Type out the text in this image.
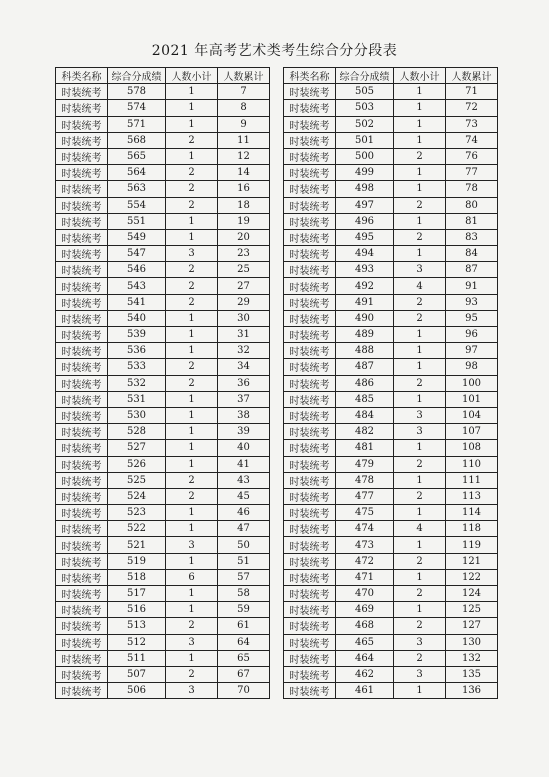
2021 年高考艺术类考生综合分分段表
科类名称	综合分成绩	人数小计	人数累计
时装统考	578	1	7
时装统考	574	1	8
时装统考	571	1	9
时装统考	568	2	11
时装统考	565	1	12
时装统考	564	2	14
时装统考	563	2	16
时装统考	554	2	18
时装统考	551	1	19
时装统考	549	1	20
时装统考	547	3	23
时装统考	546	2	25
时装统考	543	2	27
时装统考	541	2	29
时装统考	540	1	30
时装统考	539	1	31
时装统考	536	1	32
时装统考	533	2	34
时装统考	532	2	36
时装统考	531	1	37
时装统考	530	1	38
时装统考	528	1	39
时装统考	527	1	40
时装统考	526	1	41
时装统考	525	2	43
时装统考	524	2	45
时装统考	523	1	46
时装统考	522	1	47
时装统考	521	3	50
时装统考	519	1	51
时装统考	518	6	57
时装统考	517	1	58
时装统考	516	1	59
时装统考	513	2	61
时装统考	512	3	64
时装统考	511	1	65
时装统考	507	2	67
时装统考	506	3	70
科类名称	综合分成绩	人数小计	人数累计
时装统考	505	1	71
时装统考	503	1	72
时装统考	502	1	73
时装统考	501	1	74
时装统考	500	2	76
时装统考	499	1	77
时装统考	498	1	78
时装统考	497	2	80
时装统考	496	1	81
时装统考	495	2	83
时装统考	494	1	84
时装统考	493	3	87
时装统考	492	4	91
时装统考	491	2	93
时装统考	490	2	95
时装统考	489	1	96
时装统考	488	1	97
时装统考	487	1	98
时装统考	486	2	100
时装统考	485	1	101
时装统考	484	3	104
时装统考	482	3	107
时装统考	481	1	108
时装统考	479	2	110
时装统考	478	1	111
时装统考	477	2	113
时装统考	475	1	114
时装统考	474	4	118
时装统考	473	1	119
时装统考	472	2	121
时装统考	471	1	122
时装统考	470	2	124
时装统考	469	1	125
时装统考	468	2	127
时装统考	465	3	130
时装统考	464	2	132
时装统考	462	3	135
时装统考	461	1	136
